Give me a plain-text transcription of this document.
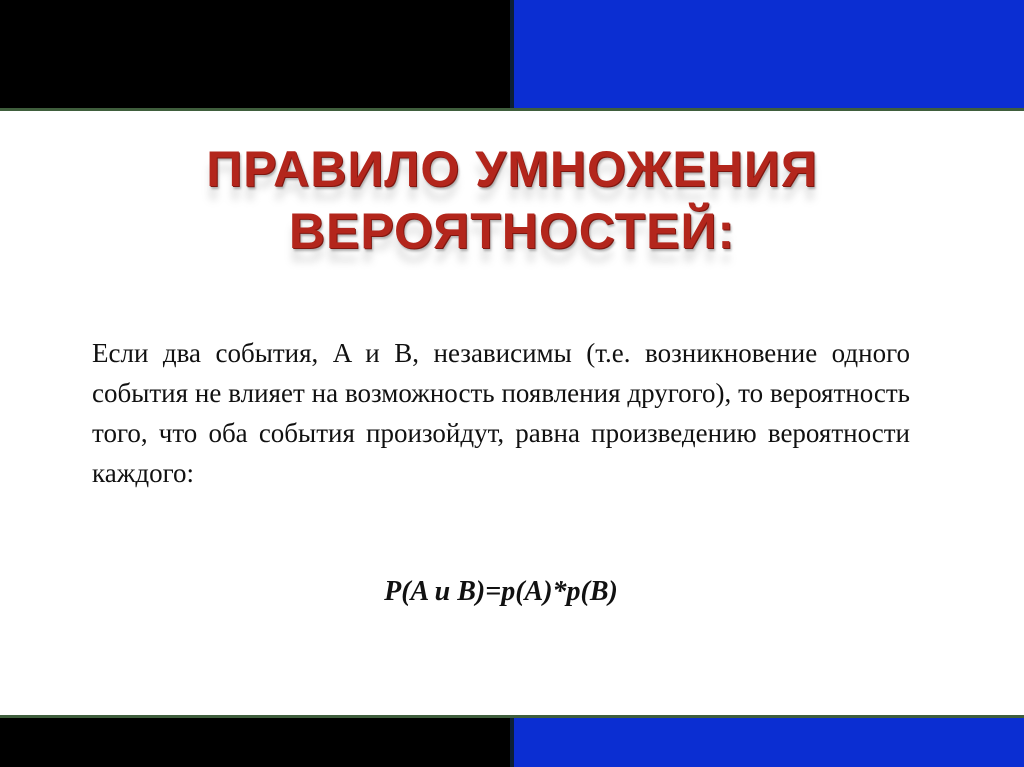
ПРАВИЛО УМНОЖЕНИЯ
ВЕРОЯТНОСТЕЙ:

Если два события, A и B, независимы (т.е. возникновение одного события не влияет на возможность появления другого), то вероятность того, что оба события произойдут, равна произведению вероятности каждого:

P(A и B)=p(A)*p(B)
